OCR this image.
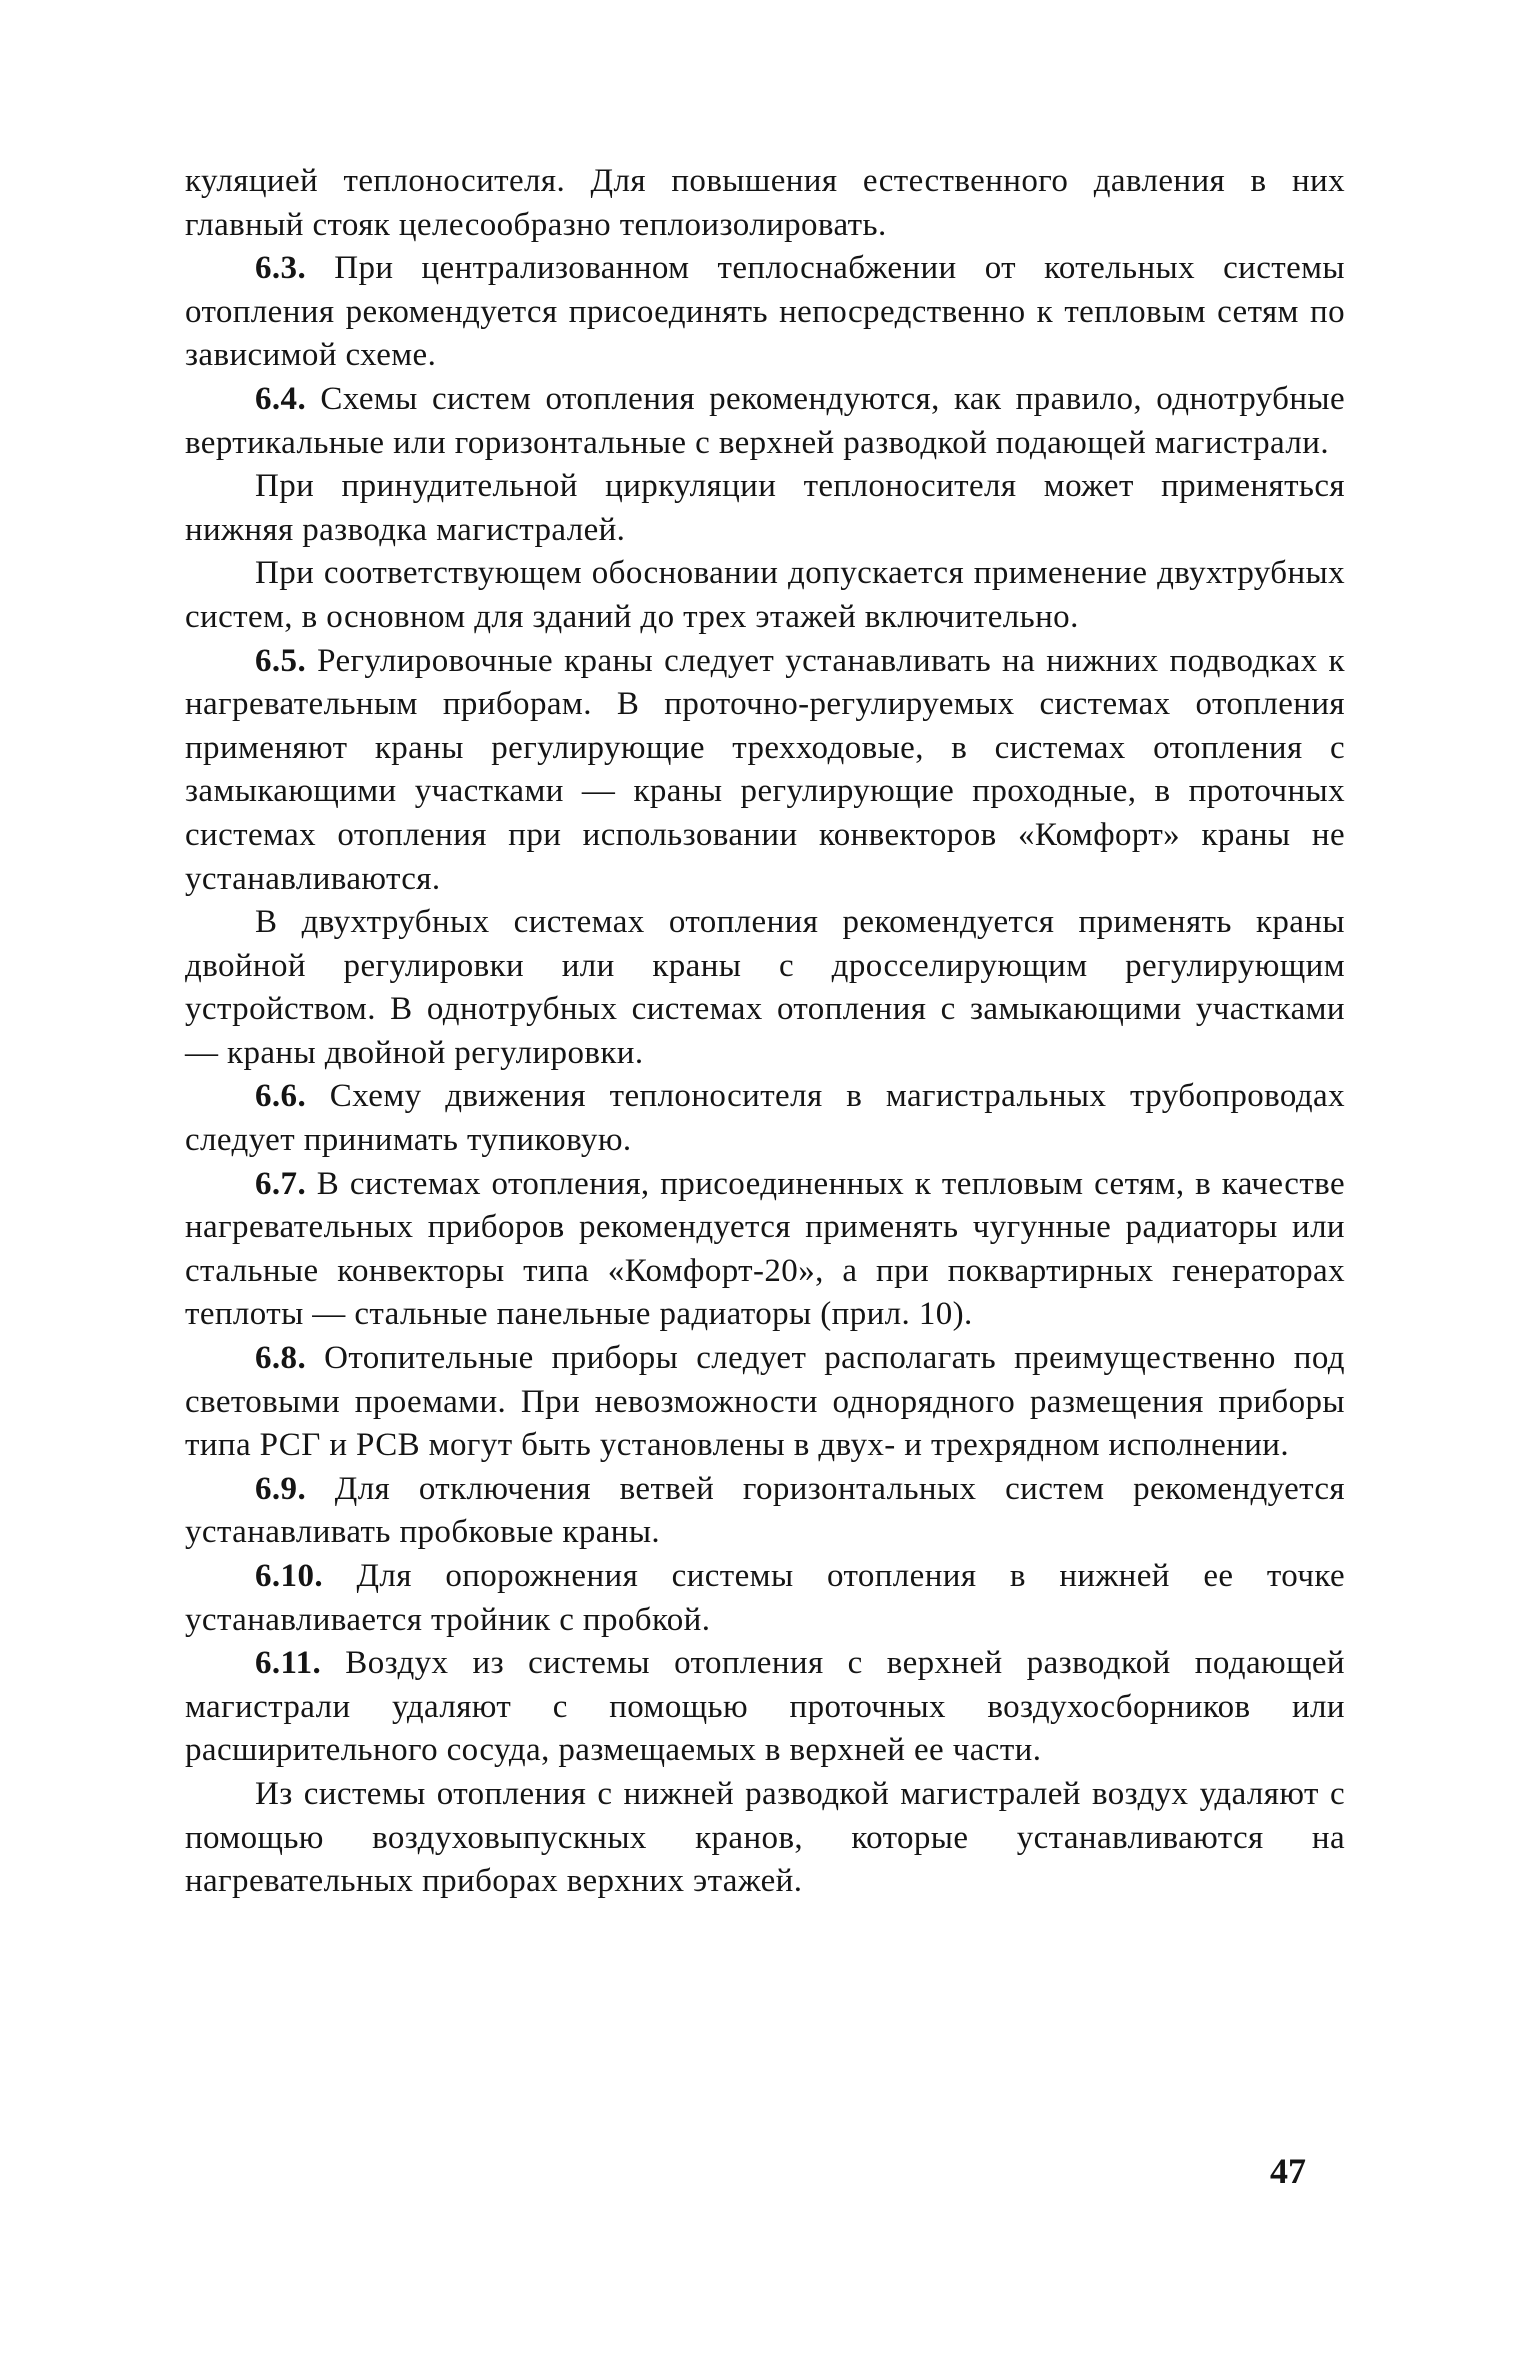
куляцией теплоносителя. Для повышения естественного давления в них главный стояк целесообразно теплоизолировать.

6.3. При централизованном теплоснабжении от котельных системы отопления рекомендуется присоединять непосредственно к тепловым сетям по зависимой схеме.

6.4. Схемы систем отопления рекомендуются, как правило, однотрубные вертикальные или горизонтальные с верхней разводкой подающей магистрали.

При принудительной циркуляции теплоносителя может применяться нижняя разводка магистралей.

При соответствующем обосновании допускается применение двухтрубных систем, в основном для зданий до трех этажей включительно.

6.5. Регулировочные краны следует устанавливать на нижних подводках к нагревательным приборам. В проточно-регулируемых системах отопления применяют краны регулирующие трехходовые, в системах отопления с замыкающими участками — краны регулирующие проходные, в проточных системах отопления при использовании конвекторов «Комфорт» краны не устанавливаются.

В двухтрубных системах отопления рекомендуется применять краны двойной регулировки или краны с дросселирующим регулирующим устройством. В однотрубных системах отопления с замыкающими участками — краны двойной регулировки.

6.6. Схему движения теплоносителя в магистральных трубопроводах следует принимать тупиковую.

6.7. В системах отопления, присоединенных к тепловым сетям, в качестве нагревательных приборов рекомендуется применять чугунные радиаторы или стальные конвекторы типа «Комфорт-20», а при поквартирных генераторах теплоты — стальные панельные радиаторы (прил. 10).

6.8. Отопительные приборы следует располагать преимущественно под световыми проемами. При невозможности однорядного размещения приборы типа РСГ и РСВ могут быть установлены в двух- и трехрядном исполнении.

6.9. Для отключения ветвей горизонтальных систем рекомендуется устанавливать пробковые краны.

6.10. Для опорожнения системы отопления в нижней ее точке устанавливается тройник с пробкой.

6.11. Воздух из системы отопления с верхней разводкой подающей магистрали удаляют с помощью проточных воздухосборников или расширительного сосуда, размещаемых в верхней ее части.

Из системы отопления с нижней разводкой магистралей воздух удаляют с помощью воздуховыпускных кранов, которые устанавливаются на нагревательных приборах верхних этажей.

47
